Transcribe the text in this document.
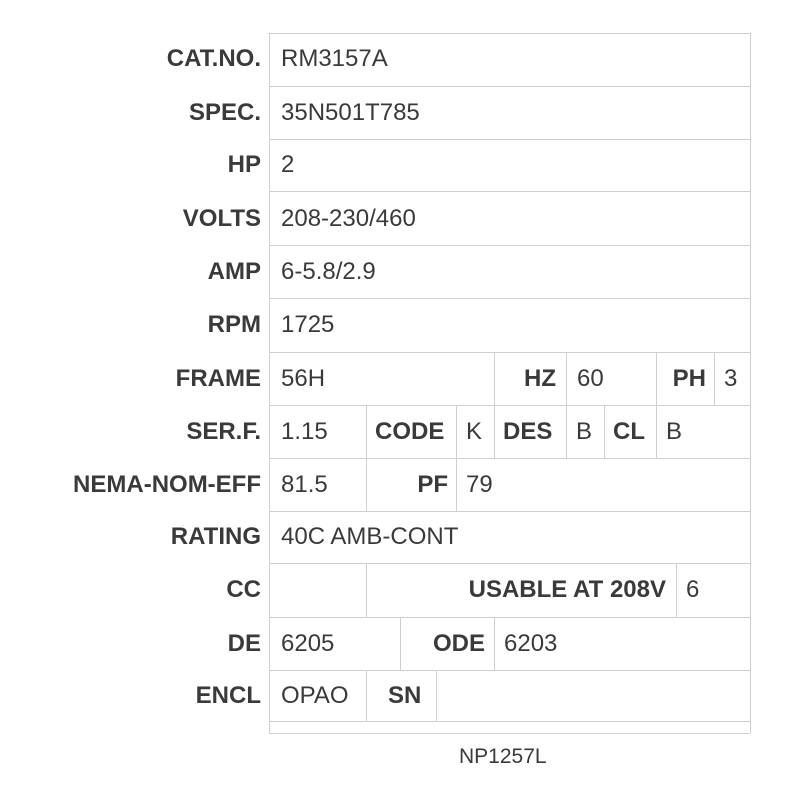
CAT.NO.
SPEC.
HP
VOLTS
AMP
RPM
FRAME
SER.F.
NEMA-NOM-EFF
RATING
CC
DE
ENCL
RM3157A
35N501T785
2
208-230/460
6-5.8/2.9
1725
56H
1.15
81.5
40C AMB-CONT
6205
OPAO
HZ 60	PH 3
CODE K DES B CL B
PF 79
USABLE AT 208V 6
ODE 6203
SN
NP1257L
